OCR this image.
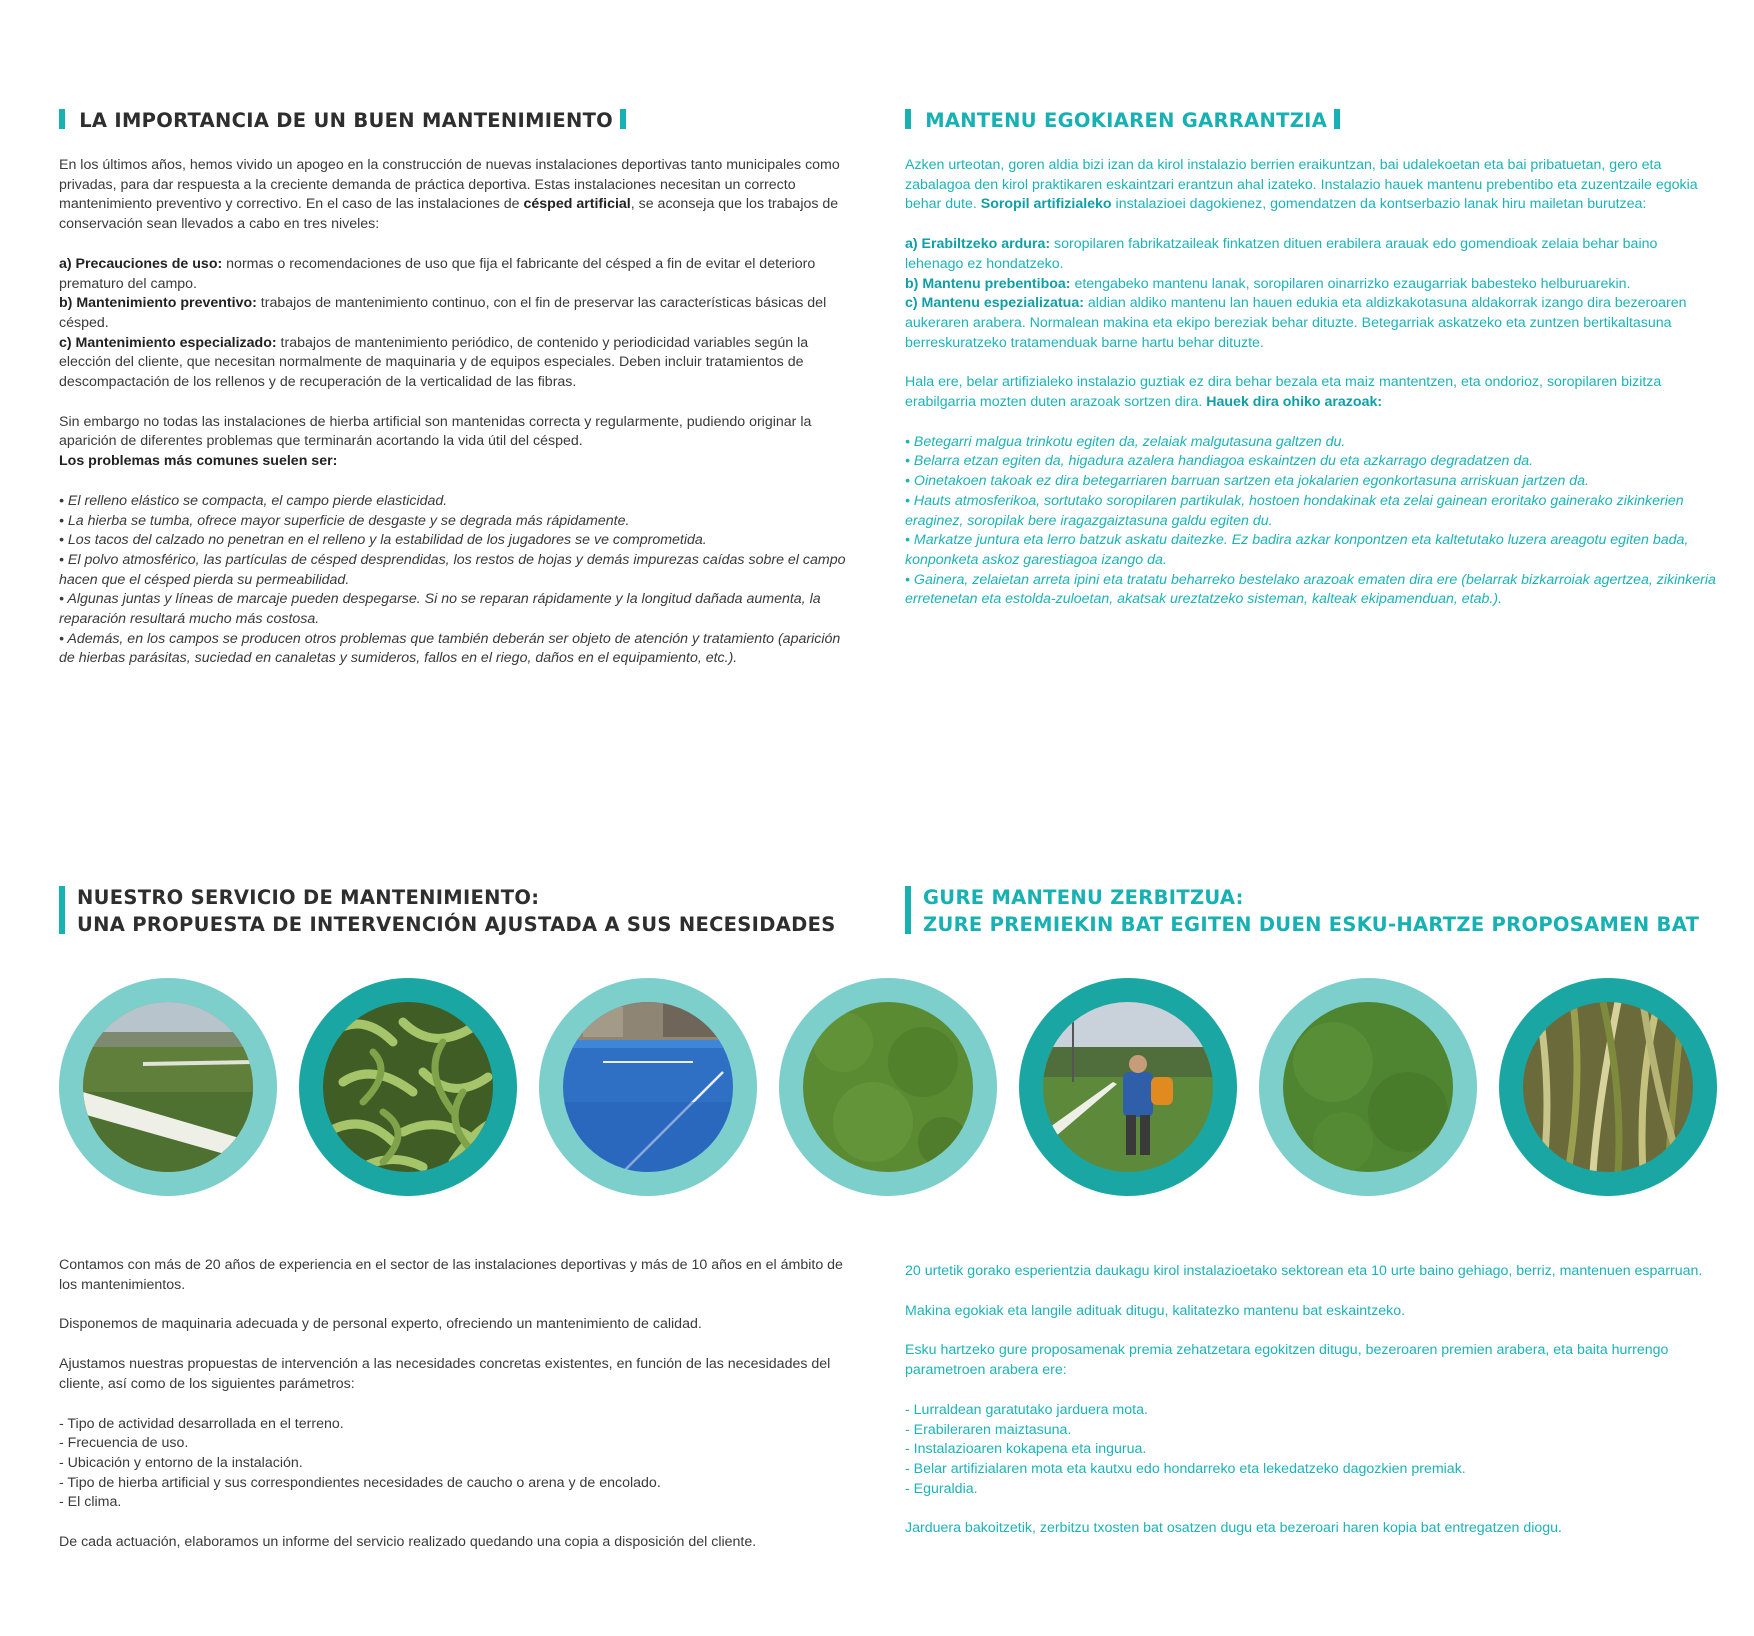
LA IMPORTANCIA DE UN BUEN MANTENIMIENTO	MANTENU EGOKIAREN GARRANTZIA

En los últimos años, hemos vivido un apogeo en la construcción de nuevas instalaciones deportivas tanto municipales como privadas, para dar respuesta a la creciente demanda de práctica deportiva. Estas instalaciones necesitan un correcto mantenimiento preventivo y correctivo. En el caso de las instalaciones de césped artificial, se aconseja que los trabajos de conservación sean llevados a cabo en tres niveles:

a) Precauciones de uso: normas o recomendaciones de uso que fija el fabricante del césped a fin de evitar el deterioro prematuro del campo.
b) Mantenimiento preventivo: trabajos de mantenimiento continuo, con el fin de preservar las características básicas del césped.
c) Mantenimiento especializado: trabajos de mantenimiento periódico, de contenido y periodicidad variables según la elección del cliente, que necesitan normalmente de maquinaria y de equipos especiales. Deben incluir tratamientos de descompactación de los rellenos y de recuperación de la verticalidad de las fibras.

Sin embargo no todas las instalaciones de hierba artificial son mantenidas correcta y regularmente, pudiendo originar la aparición de diferentes problemas que terminarán acortando la vida útil del césped.

Los problemas más comunes suelen ser:

• El relleno elástico se compacta, el campo pierde elasticidad.
• La hierba se tumba, ofrece mayor superficie de desgaste y se degrada más rápidamente.
• Los tacos del calzado no penetran en el relleno y la estabilidad de los jugadores se ve comprometida.
• El polvo atmosférico, las partículas de césped desprendidas, los restos de hojas y demás impurezas caídas sobre el campo hacen que el césped pierda su permeabilidad.
• Algunas juntas y líneas de marcaje pueden despegarse. Si no se reparan rápidamente y la longitud dañada aumenta, la reparación resultará mucho más costosa.
• Además, en los campos se producen otros problemas que también deberán ser objeto de atención y tratamiento (aparición de hierbas parásitas, suciedad en canaletas y sumideros, fallos en el riego, daños en el equipamiento, etc.).

Azken urteotan, goren aldia bizi izan da kirol instalazio berrien eraikuntzan, bai udalekoetan eta bai pribatuetan, gero eta zabalagoa den kirol praktikaren eskaintzari erantzun ahal izateko. Instalazio hauek mantenu prebentibo eta zuzentzaile egokia behar dute. Soropil artifizialeko instalazioei dagokienez, gomendatzen da kontserbazio lanak hiru mailetan burutzea:

a) Erabiltzeko ardura: soropilaren fabrikatzaileak finkatzen dituen erabilera arauak edo gomendioak zelaia behar baino lehenago ez hondatzeko.
b) Mantenu prebentiboa: etengabeko mantenu lanak, soropilaren oinarrizko ezaugarriak babesteko helburuarekin.
c) Mantenu espezializatua: aldian aldiko mantenu lan hauen edukia eta aldizkakotasuna aldakorrak izango dira bezeroaren aukeraren arabera. Normalean makina eta ekipo bereziak behar dituzte. Betegarriak askatzeko eta zuntzen bertikaltasuna berreskuratzeko tratamenduak barne hartu behar dituzte.

Hala ere, belar artifizialeko instalazio guztiak ez dira behar bezala eta maiz mantentzen, eta ondorioz, soropilaren bizitza erabilgarria mozten duten arazoak sortzen dira. Hauek dira ohiko arazoak:

• Betegarri malgua trinkotu egiten da, zelaiak malgutasuna galtzen du.
• Belarra etzan egiten da, higadura azalera handiagoa eskaintzen du eta azkarrago degradatzen da.
• Oinetakoen takoak ez dira betegarriaren barruan sartzen eta jokalarien egonkortasuna arriskuan jartzen da.
• Hauts atmosferikoa, sortutako soropilaren partikulak, hostoen hondakinak eta zelai gainean eroritako gainerako zikinkerien eraginez, soropilak bere iragazgaiztasuna galdu egiten du.
• Markatze juntura eta lerro batzuk askatu daitezke. Ez badira azkar konpontzen eta kaltetutako luzera areagotu egiten bada, konponketa askoz garestiagoa izango da.
• Gainera, zelaietan arreta ipini eta tratatu beharreko bestelako arazoak ematen dira ere (belarrak bizkarroiak agertzea, zikinkeria erretenetan eta estolda-zuloetan, akatsak ureztatzeko sisteman, kalteak ekipamenduan, etab.).
NUESTRO SERVICIO DE MANTENIMIENTO:
UNA PROPUESTA DE INTERVENCIÓN AJUSTADA A SUS NECESIDADES
GURE MANTENU ZERBITZUA:
ZURE PREMIEKIN BAT EGITEN DUEN ESKU-HARTZE PROPOSAMEN BAT

Contamos con más de 20 años de experiencia en el sector de las instalaciones deportivas y más de 10 años en el ámbito de los mantenimientos.

Disponemos de maquinaria adecuada y de personal experto, ofreciendo un mantenimiento de calidad.

Ajustamos nuestras propuestas de intervención a las necesidades concretas existentes, en función de las necesidades del cliente, así como de los siguientes parámetros:

- Tipo de actividad desarrollada en el terreno.
- Frecuencia de uso.
- Ubicación y entorno de la instalación.
- Tipo de hierba artificial y sus correspondientes necesidades de caucho o arena y de encolado.
- El clima.

De cada actuación, elaboramos un informe del servicio realizado quedando una copia a disposición del cliente.

20 urtetik gorako esperientzia daukagu kirol instalazioetako sektorean eta 10 urte baino gehiago, berriz, mantenuen esparruan.

Makina egokiak eta langile adituak ditugu, kalitatezko mantenu bat eskaintzeko.

Esku hartzeko gure proposamenak premia zehatzetara egokitzen ditugu, bezeroaren premien arabera, eta baita hurrengo parametroen arabera ere:

- Lurraldean garatutako jarduera mota.
- Erabileraren maiztasuna.
- Instalazioaren kokapena eta ingurua.
- Belar artifizialaren mota eta kautxu edo hondarreko eta lekedatzeko dagozkien premiak.
- Eguraldia.

Jarduera bakoitzetik, zerbitzu txosten bat osatzen dugu eta bezeroari haren kopia bat entregatzen diogu.
